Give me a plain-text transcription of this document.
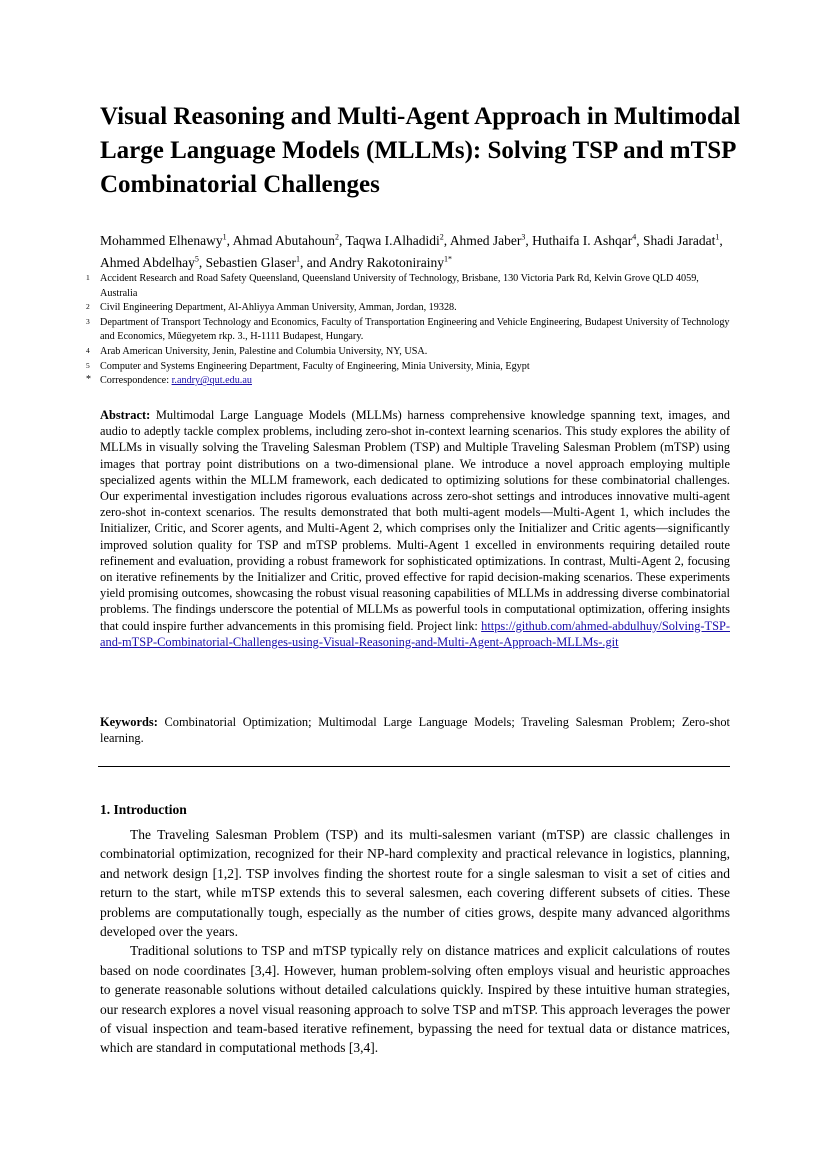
Visual Reasoning and Multi-Agent Approach in Multimodal Large Language Models (MLLMs): Solving TSP and mTSP Combinatorial Challenges
Mohammed Elhenawy$^1$, Ahmad Abutahoun$^2$, Taqwa I.Alhadidi$^2$, Ahmed Jaber$^3$, Huthaifa I. Ashqar$^4$, Shadi Jaradat$^1$, Ahmed Abdelhay$^5$, Sebastien Glaser$^1$, and Andry Rakotonirainy$^{1*}$
1	Accident Research and Road Safety Queensland, Queensland University of Technology, Brisbane, 130 Victoria Park Rd, Kelvin Grove QLD 4059, Australia
2	Civil Engineering Department, Al-Ahliyya Amman University, Amman, Jordan, 19328.
3	Department of Transport Technology and Economics, Faculty of Transportation Engineering and Vehicle Engineering, Budapest University of Technology and Economics, Műegyetem rkp. 3., H-1111 Budapest, Hungary.
4	Arab American University, Jenin, Palestine and Columbia University, NY, USA.
5	Computer and Systems Engineering Department, Faculty of Engineering, Minia University, Minia, Egypt
* Correspondence: r.andry@qut.edu.au

Abstract: Multimodal Large Language Models (MLLMs) harness comprehensive knowledge spanning text, images, and audio to adeptly tackle complex problems, including zero-shot in-context learning scenarios. This study explores the ability of MLLMs in visually solving the Traveling Salesman Problem (TSP) and Multiple Traveling Salesman Problem (mTSP) using images that portray point distributions on a two-dimensional plane. We introduce a novel approach employing multiple specialized agents within the MLLM framework, each dedicated to optimizing solutions for these combinatorial challenges. Our experimental investigation includes rigorous evaluations across zero-shot settings and introduces innovative multi-agent zero-shot in-context scenarios. The results demonstrated that both multi-agent models—Multi-Agent 1, which includes the Initializer, Critic, and Scorer agents, and Multi-Agent 2, which comprises only the Initializer and Critic agents—significantly improved solution quality for TSP and mTSP problems. Multi-Agent 1 excelled in environments requiring detailed route refinement and evaluation, providing a robust framework for sophisticated optimizations. In contrast, Multi-Agent 2, focusing on iterative refinements by the Initializer and Critic, proved effective for rapid decision-making scenarios. These experiments yield promising outcomes, showcasing the robust visual reasoning capabilities of MLLMs in addressing diverse combinatorial problems. The findings underscore the potential of MLLMs as powerful tools in computational optimization, offering insights that could inspire further advancements in this promising field. Project link: https://github.com/ahmed-abdulhuy/Solving-TSP-and-mTSP-Combinatorial-Challenges-using-Visual-Reasoning-and-Multi-Agent-Approach-MLLMs-.git

Keywords: Combinatorial Optimization; Multimodal Large Language Models; Traveling Salesman Problem; Zero-shot learning.

1. Introduction

The Traveling Salesman Problem (TSP) and its multi-salesmen variant (mTSP) are classic challenges in combinatorial optimization, recognized for their NP-hard complexity and practical relevance in logistics, planning, and network design [1,2]. TSP involves finding the shortest route for a single salesman to visit a set of cities and return to the start, while mTSP extends this to several salesmen, each covering different subsets of cities. These problems are computationally tough, especially as the number of cities grows, despite many advanced algorithms developed over the years.

Traditional solutions to TSP and mTSP typically rely on distance matrices and explicit calculations of routes based on node coordinates [3,4]. However, human problem-solving often employs visual and heuristic approaches to generate reasonable solutions without detailed calculations quickly. Inspired by these intuitive human strategies, our research explores a novel visual reasoning approach to solve TSP and mTSP. This approach leverages the power of visual inspection and team-based iterative refinement, bypassing the need for textual data or distance matrices, which are standard in computational methods [3,4].
